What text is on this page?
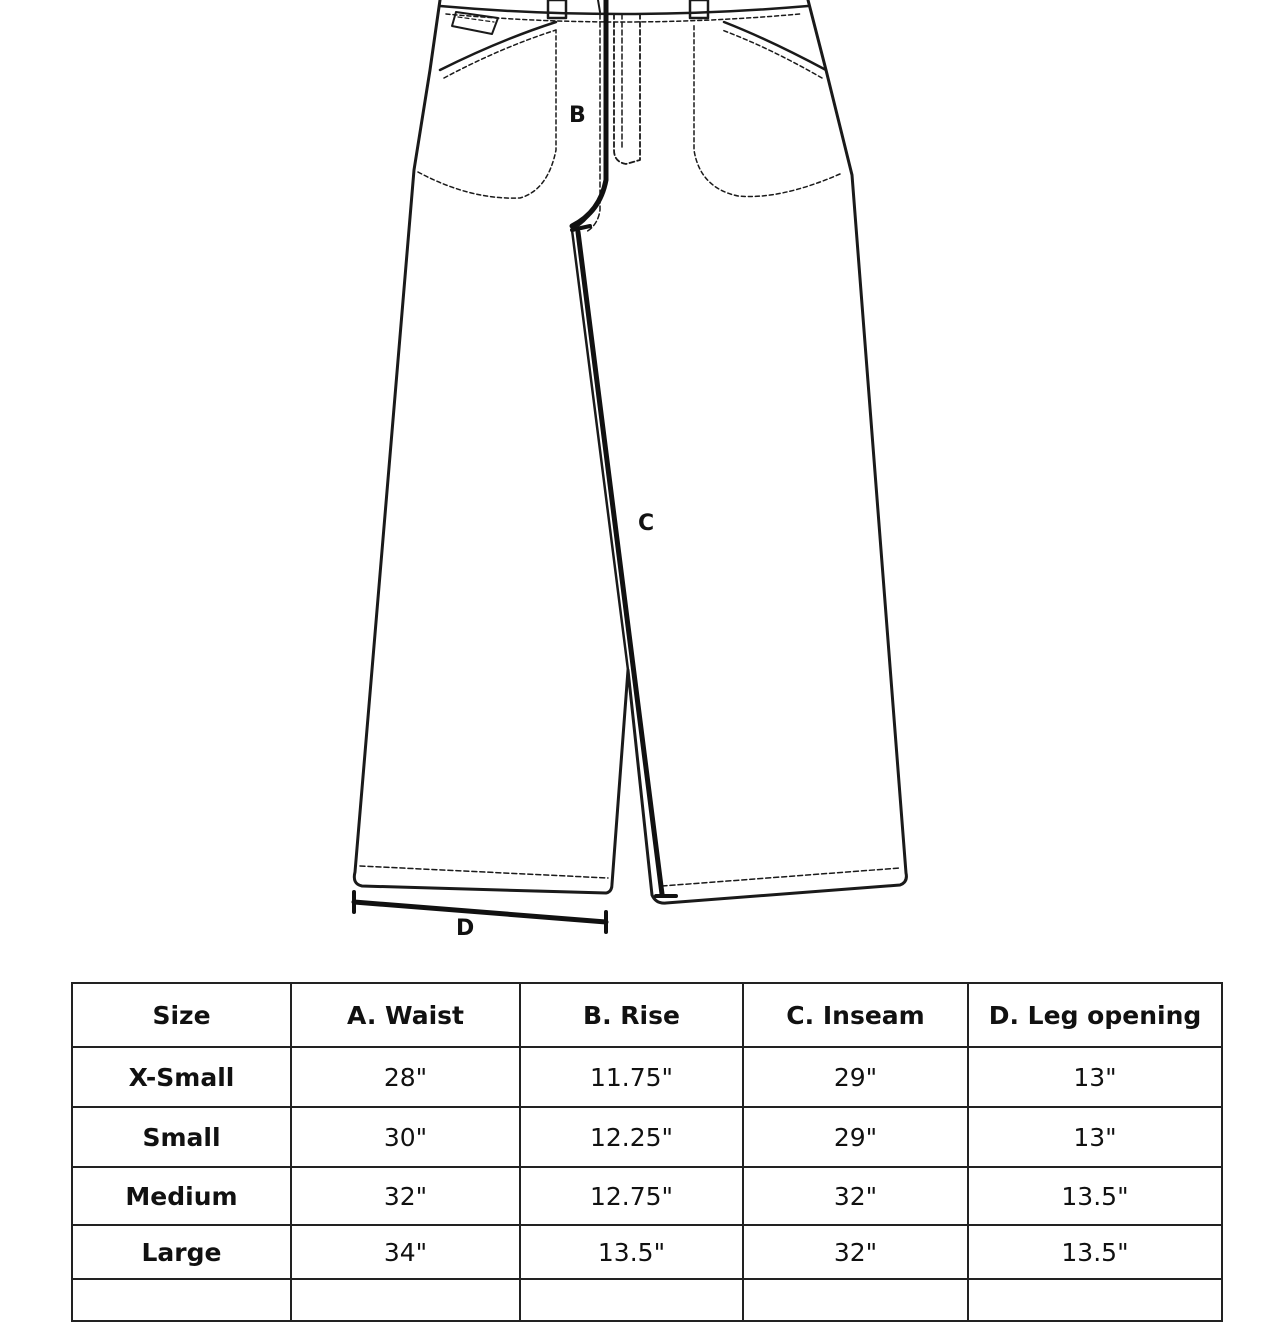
B
C
D
Size	A. Waist	B. Rise	C. Inseam	D. Leg opening
X-Small	28"	11.75"	29"	13"
Small	30"	12.25"	29"	13"
Medium	32"	12.75"	32"	13.5"
Large	34"	13.5"	32"	13.5"
